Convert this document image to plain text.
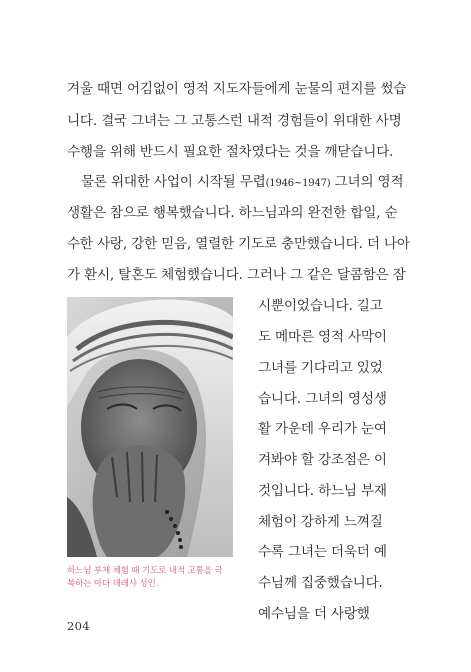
겨울 때면 어김없이 영적 지도자들에게 눈물의 편지를 썼습
니다. 결국 그녀는 그 고통스런 내적 경험들이 위대한 사명
수행을 위해 반드시 필요한 절차였다는 것을 깨닫습니다.
물론 위대한 사업이 시작될 무렵(1946~1947) 그녀의 영적
생활은 참으로 행복했습니다. 하느님과의 완전한 합일, 순
수한 사랑, 강한 믿음, 열렬한 기도로 충만했습니다. 더 나아
가 환시, 탈혼도 체험했습니다. 그러나 그 같은 달콤함은 잠
시뿐이었습니다. 길고
도 메마른 영적 사막이
그녀를 기다리고 있었
습니다. 그녀의 영성생
활 가운데 우리가 눈여
겨봐야 할 강조점은 이
것입니다. 하느님 부재
체험이 강하게 느껴질
수록 그녀는 더욱더 예
수님께 집중했습니다.
예수님을 더 사랑했
하느님 부재 체험 때 기도로 내적 고통을 극
복하는 마더 데레사 성인.
204
